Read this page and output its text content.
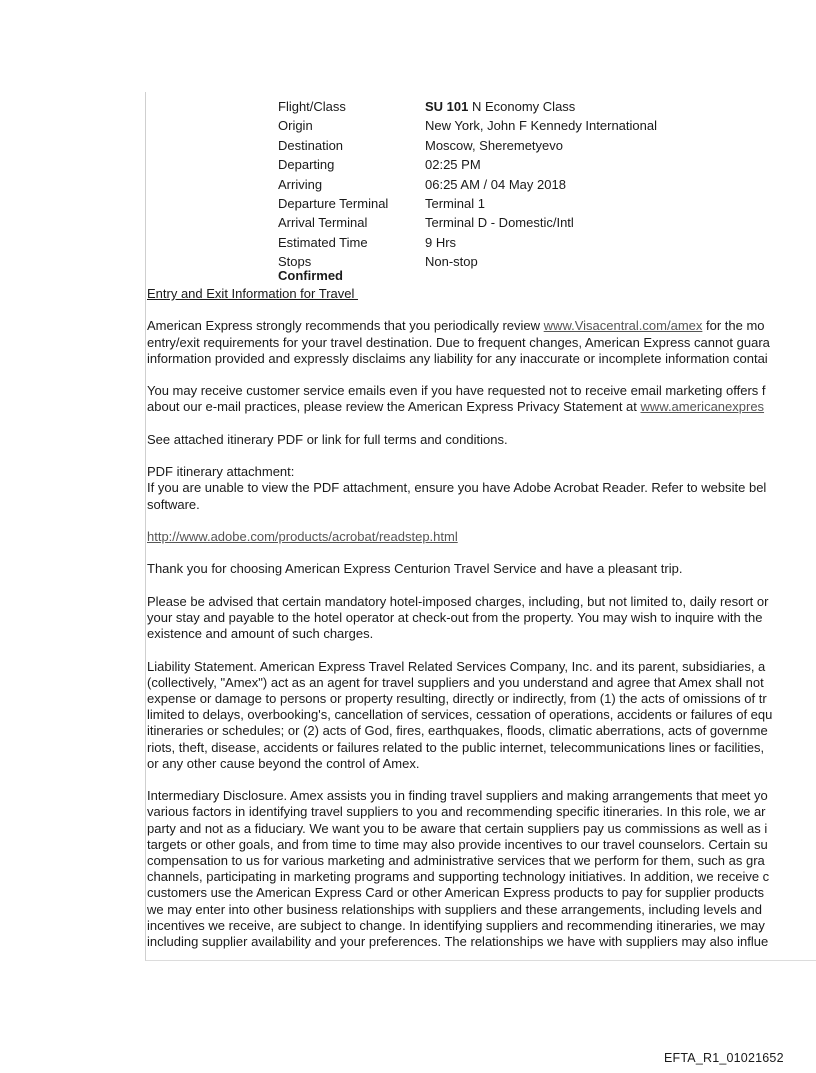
Flight/Class	SU 101 N Economy Class
Origin	New York, John F Kennedy International
Destination	Moscow, Sheremetyevo
Departing	02:25 PM
Arriving	06:25 AM / 04 May 2018
Departure Terminal	Terminal 1
Arrival Terminal	Terminal D - Domestic/Intl
Estimated Time	9 Hrs
Stops	Non-stop
Confirmed
Entry and Exit Information for Travel

American Express strongly recommends that you periodically review www.Visacentral.com/amex for the mo
entry/exit requirements for your travel destination. Due to frequent changes, American Express cannot guara
information provided and expressly disclaims any liability for any inaccurate or incomplete information contai

You may receive customer service emails even if you have requested not to receive email marketing offers f
about our e-mail practices, please review the American Express Privacy Statement at www.americanexpres

See attached itinerary PDF or link for full terms and conditions.

PDF itinerary attachment:
If you are unable to view the PDF attachment, ensure you have Adobe Acrobat Reader. Refer to website bel
software.

http://www.adobe.com/products/acrobat/readstep.html

Thank you for choosing American Express Centurion Travel Service and have a pleasant trip.

Please be advised that certain mandatory hotel-imposed charges, including, but not limited to, daily resort or
your stay and payable to the hotel operator at check-out from the property. You may wish to inquire with the
existence and amount of such charges.

Liability Statement. American Express Travel Related Services Company, Inc. and its parent, subsidiaries, a
(collectively, "Amex") act as an agent for travel suppliers and you understand and agree that Amex shall not
expense or damage to persons or property resulting, directly or indirectly, from (1) the acts of omissions of tr
limited to delays, overbooking's, cancellation of services, cessation of operations, accidents or failures of equ
itineraries or schedules; or (2) acts of God, fires, earthquakes, floods, climatic aberrations, acts of governme
riots, theft, disease, accidents or failures related to the public internet, telecommunications lines or facilities,
or any other cause beyond the control of Amex.

Intermediary Disclosure. Amex assists you in finding travel suppliers and making arrangements that meet yo
various factors in identifying travel suppliers to you and recommending specific itineraries. In this role, we ar
party and not as a fiduciary. We want you to be aware that certain suppliers pay us commissions as well as i
targets or other goals, and from time to time may also provide incentives to our travel counselors. Certain su
compensation to us for various marketing and administrative services that we perform for them, such as gra
channels, participating in marketing programs and supporting technology initiatives. In addition, we receive c
customers use the American Express Card or other American Express products to pay for supplier products
we may enter into other business relationships with suppliers and these arrangements, including levels and
incentives we receive, are subject to change. In identifying suppliers and recommending itineraries, we may
including supplier availability and your preferences. The relationships we have with suppliers may also influe

EFTA_R1_01021652
